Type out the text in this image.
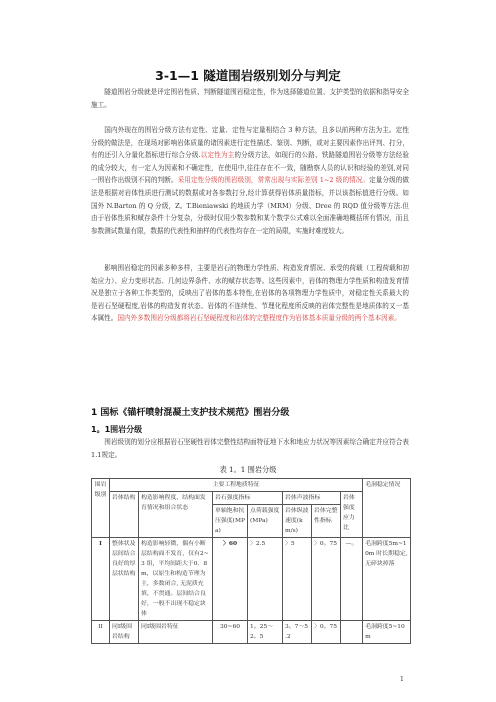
3-1—1 隧道围岩级别划分与判定

隧道围岩分级就是评定围岩性质、判断隧道围岩稳定性，作为选择隧道位置、支护类型的依据和指导安全施工。

国内外现在的围岩分级方法有定性、定量、定性与定量相结合 3 种方法，且多以前两种方法为主。定性分级的做法是，在现场对影响岩体质量的诸因素进行定性描述、鉴别、判断，或对主要因素作出评判、打分，有的还引入分量化指标进行综合分级.以定性为主的分级方法，如现行的公路、铁路隧道围岩分级等方法经验的成分较大，有一定人为因素和不确定性，在使用中,往往存在不一致，随勘察人员的认识和经验的差别,对同一围岩作出级别不同的判断。采用定性分级的围岩级别，常常出现与实际差别 1~2 级的情况。定量分级的做法是根据对岩体性质进行测试的数据或对各参数打分,经计算获得岩体质量指标，并以该指标值进行分级。如国外 N.Barton 的 Q 分级，Z。T.Bieniawski 的地质力学（MRM）分级、Dree 的 RQD 值分级等方法.但由于岩体性质和赋存条件十分复杂，分级时仅用少数参数和某个数学公式难以全面准确地概括所有情况，而且参数测试数量有限，数据的代表性和抽样的代表性均存在一定的局限，实施时难度较大。

影响围岩稳定的因素多种多样，主要是岩石的物理力学性质、构造发育情况、承受的荷载（工程荷载和初始应力）、应力变形状态、几何边界条件、水的赋存状态等。这些因素中，岩体的物理力学性质和构造发育情况是独立于各种工作类型的，反映出了岩体的基本特性,在岩体的各项物理力学性质中，对稳定性关系最大的是岩石坚硬程度,岩体的构造发育状态、岩体的不连续性、节理化程度所反映的岩体完整性是地质体的又一基本属性。国内外多数围岩分级都将岩石坚硬程度和岩体的完整程度作为岩体基本质量分级的两个基本因素。

1 国标《锚杆喷射混凝土支护技术规范》围岩分级
1。1围岩分级

围岩级别的划分应根据岩石坚硬性岩体完整性结构面特征地下水和地应力状况等因素综合确定并应符合表1.1规定。

表 1。1 围岩分级
围岩级别	主要工程地质特征							毛洞稳定情况
	岩体结构	构造影响程度，结构面发育情况和组合状态	岩石强度指标		岩体声波指标		岩体强度应力比	
			单轴饱和抗压强度(MPa)	点荷载强度(MPa)	岩体纵波速度(km/s)	岩体完整性指标		
I	整体状及层间结合良好的厚层状结构	构造影响轻微，偶有小断层结构面不发育，仅有2~3 组，平均间距大于0．8m，以原生和构造节理为主，多数闭合, 无泥质充填，不贯通。层间结合良好，一般不出现不稳定块体	〉60	〉2.5	〉5	〉0。75	—。	毛洞跨度5m~10m 时长期稳定,无碎块掉落
II	同I级围岩结构	同Ⅰ级围岩特征	30~60	1。25～2。5	3。7～5 .2	〉0。75		毛洞跨度5~10m
1
